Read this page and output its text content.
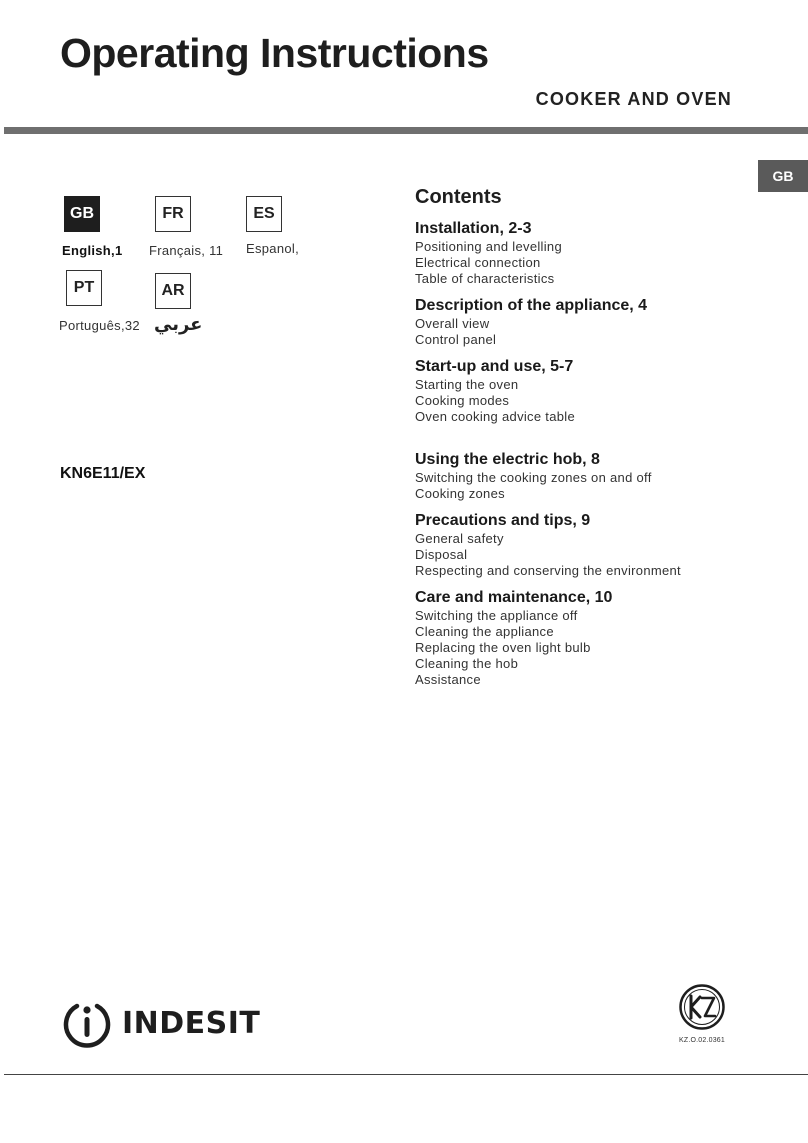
Operating Instructions
COOKER AND OVEN
GB
GB
English,1
FR
Français, 11
ES
Espanol,
PT
Português,32
AR
عربي
KN6E11/EX
Contents
Installation, 2-3
Positioning and levelling
Electrical connection
Table of characteristics
Description of the appliance, 4
Overall view
Control panel
Start-up and use, 5-7
Starting the oven
Cooking modes
Oven cooking advice table
Using the electric hob, 8
Switching the cooking zones on and off
Cooking zones
Precautions and tips, 9
General safety
Disposal
Respecting and conserving the environment
Care and maintenance, 10
Switching the appliance off
Cleaning the appliance
Replacing the oven light bulb
Cleaning the hob
Assistance
INDESIT	KZ.O.02.0361
